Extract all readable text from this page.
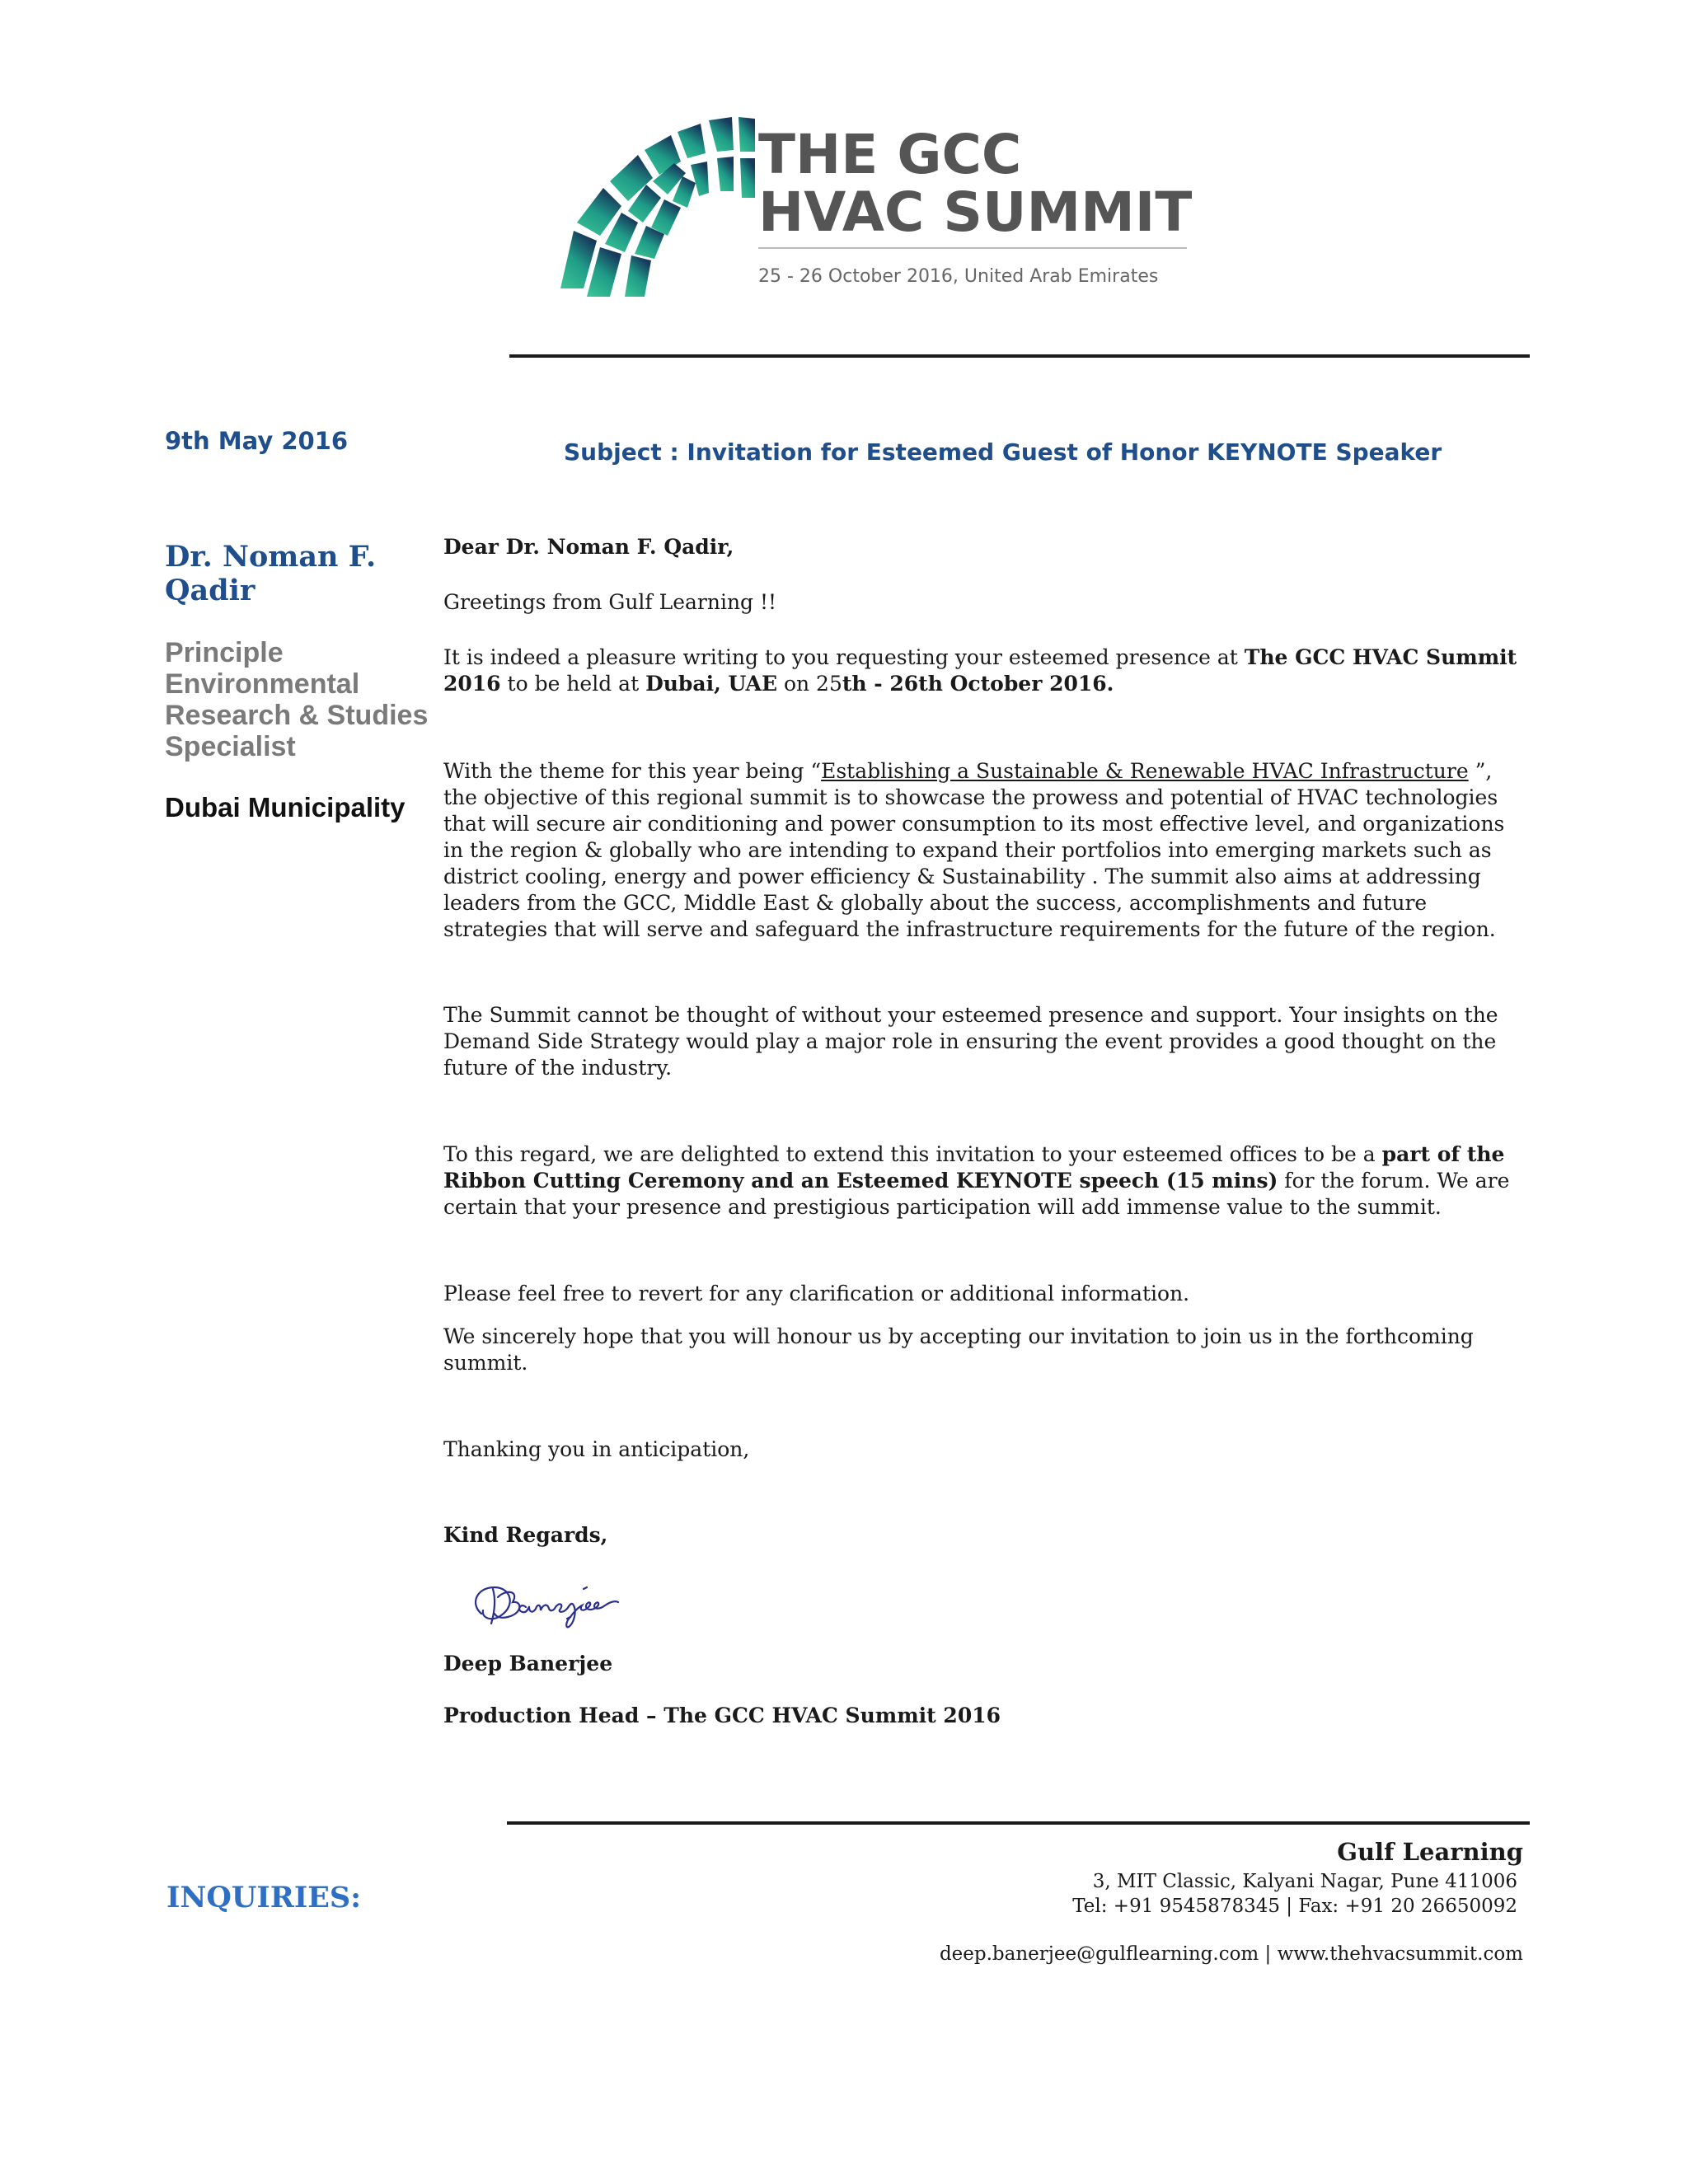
THE GCC
HVAC SUMMIT
25 - 26 October 2016, United Arab Emirates
9th May 2016	Subject : Invitation for Esteemed Guest of Honor KEYNOTE Speaker
Dr. Noman F.
Qadir
Principle
Environmental
Research & Studies
Specialist
Dubai Municipality

Dear Dr. Noman F. Qadir,

Greetings from Gulf Learning !!

It is indeed a pleasure writing to you requesting your esteemed presence at The GCC HVAC Summit 2016 to be held at Dubai, UAE on 25th - 26th October 2016.

With the theme for this year being “Establishing a Sustainable & Renewable HVAC Infrastructure ”, the objective of this regional summit is to showcase the prowess and potential of HVAC technologies that will secure air conditioning and power consumption to its most effective level, and organizations in the region & globally who are intending to expand their portfolios into emerging markets such as district cooling, energy and power efficiency & Sustainability . The summit also aims at addressing leaders from the GCC, Middle East & globally about the success, accomplishments and future strategies that will serve and safeguard the infrastructure requirements for the future of the region.

The Summit cannot be thought of without your esteemed presence and support. Your insights on the Demand Side Strategy would play a major role in ensuring the event provides a good thought on the future of the industry.

To this regard, we are delighted to extend this invitation to your esteemed offices to be a part of the Ribbon Cutting Ceremony and an Esteemed KEYNOTE speech (15 mins) for the forum. We are certain that your presence and prestigious participation will add immense value to the summit.

Please feel free to revert for any clarification or additional information.

We sincerely hope that you will honour us by accepting our invitation to join us in the forthcoming summit.

Thanking you in anticipation,

Kind Regards,

Banerjee

Deep Banerjee

Production Head – The GCC HVAC Summit 2016

INQUIRIES:
Gulf Learning
3, MIT Classic, Kalyani Nagar, Pune 411006
Tel: +91 9545878345 | Fax: +91 20 26650092
deep.banerjee@gulflearning.com | www.thehvacsummit.com
